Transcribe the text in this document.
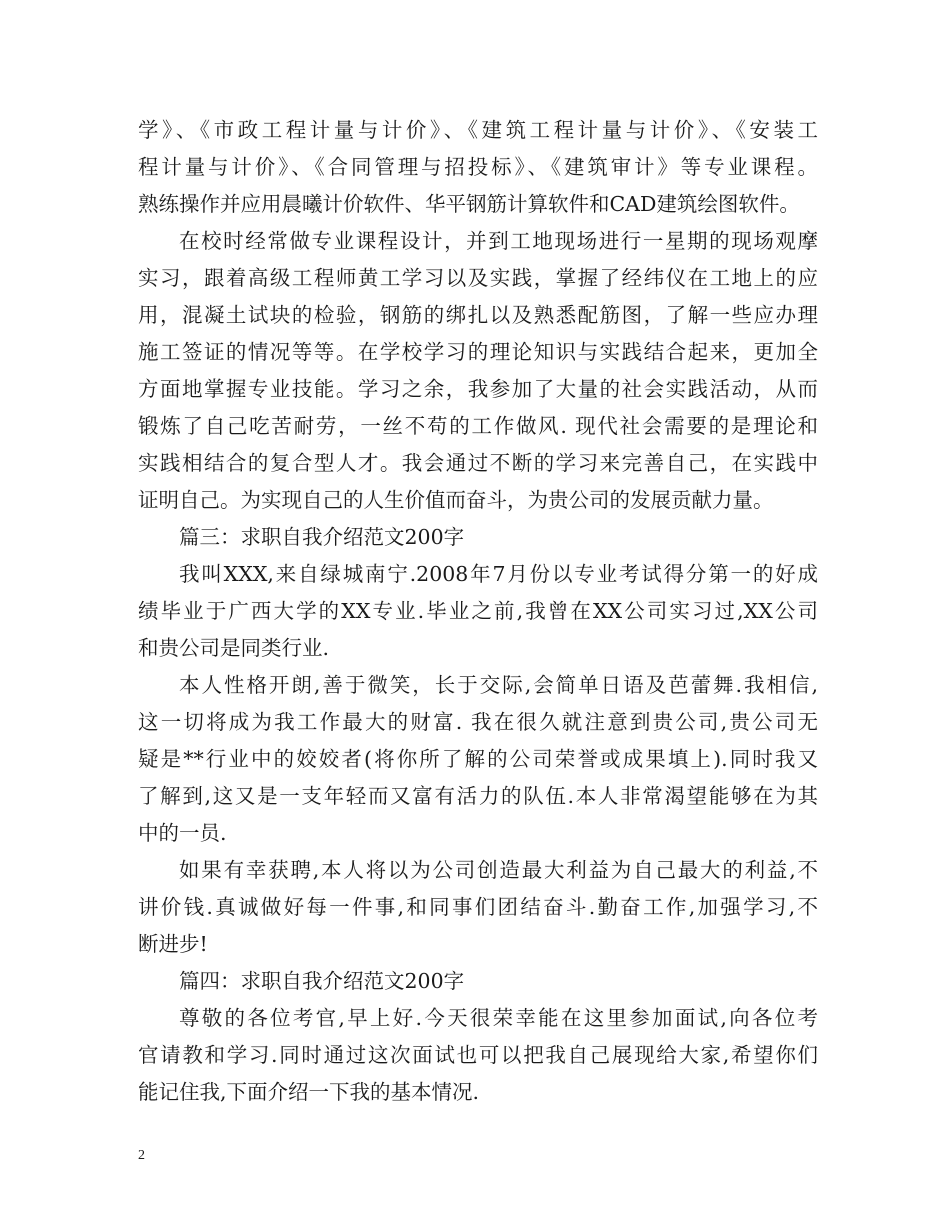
学》、《市政工程计量与计价》、《建筑工程计量与计价》、《安装工
程计量与计价》、《合同管理与招投标》、《建筑审计》等专业课程。
熟练操作并应用晨曦计价软件、华平钢筋计算软件和CAD建筑绘图软件。
在校时经常做专业课程设计，并到工地现场进行一星期的现场观摩
实习，跟着高级工程师黄工学习以及实践，掌握了经纬仪在工地上的应
用，混凝土试块的检验，钢筋的绑扎以及熟悉配筋图，了解一些应办理
施工签证的情况等等。在学校学习的理论知识与实践结合起来，更加全
方面地掌握专业技能。学习之余，我参加了大量的社会实践活动，从而
锻炼了自己吃苦耐劳，一丝不苟的工作做风. 现代社会需要的是理论和
实践相结合的复合型人才。我会通过不断的学习来完善自己，在实践中
证明自己。为实现自己的人生价值而奋斗，为贵公司的发展贡献力量。
篇三：求职自我介绍范文200字
我叫XXX,来自绿城南宁.2008年7月份以专业考试得分第一的好成
绩毕业于广西大学的XX专业.毕业之前,我曾在XX公司实习过,XX公司
和贵公司是同类行业.
本人性格开朗,善于微笑，长于交际,会简单日语及芭蕾舞.我相信,
这一切将成为我工作最大的财富. 我在很久就注意到贵公司,贵公司无
疑是**行业中的姣姣者(将你所了解的公司荣誉或成果填上).同时我又
了解到,这又是一支年轻而又富有活力的队伍.本人非常渴望能够在为其
中的一员.
如果有幸获聘,本人将以为公司创造最大利益为自己最大的利益,不
讲价钱.真诚做好每一件事,和同事们团结奋斗.勤奋工作,加强学习,不
断进步!
篇四：求职自我介绍范文200字
尊敬的各位考官,早上好.今天很荣幸能在这里参加面试,向各位考
官请教和学习.同时通过这次面试也可以把我自己展现给大家,希望你们
能记住我,下面介绍一下我的基本情况.
2
